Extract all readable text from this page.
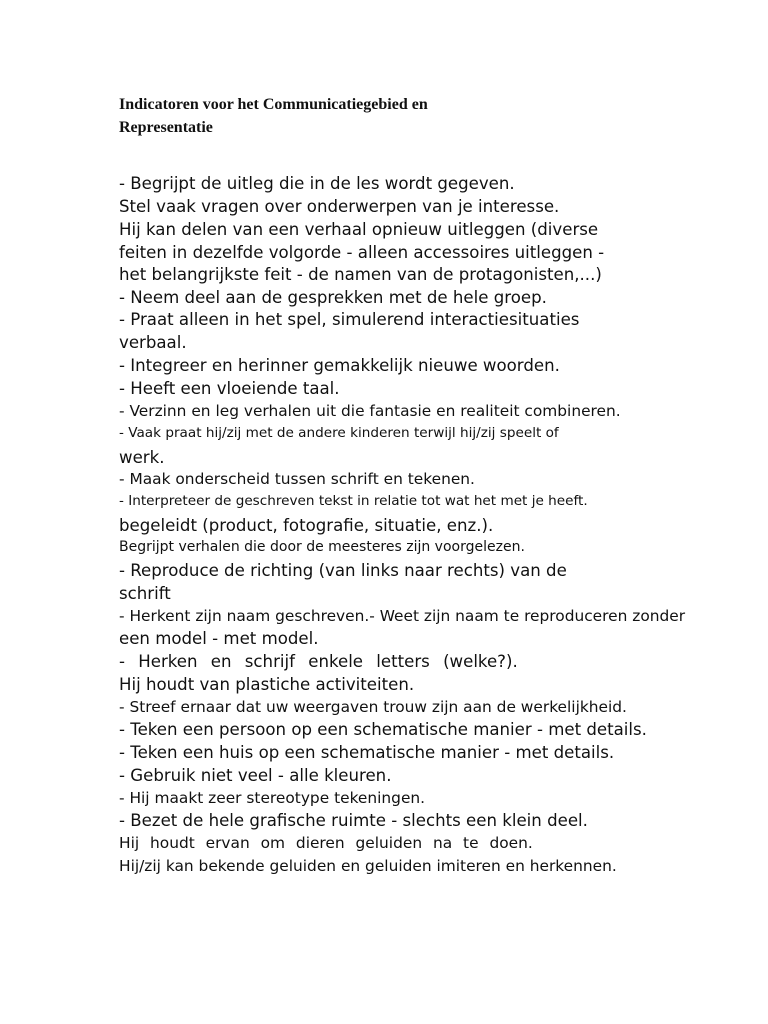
Indicatoren voor het Communicatiegebied en
Representatie

- Begrijpt de uitleg die in de les wordt gegeven.

Stel vaak vragen over onderwerpen van je interesse.

Hij kan delen van een verhaal opnieuw uitleggen (diverse

feiten in dezelfde volgorde - alleen accessoires uitleggen -

het belangrijkste feit - de namen van de protagonisten,...)

- Neem deel aan de gesprekken met de hele groep.

- Praat alleen in het spel, simulerend interactiesituaties

verbaal.

- Integreer en herinner gemakkelijk nieuwe woorden.

- Heeft een vloeiende taal.

- Verzinn en leg verhalen uit die fantasie en realiteit combineren.

- Vaak praat hij/zij met de andere kinderen terwijl hij/zij speelt of

werk.

- Maak onderscheid tussen schrift en tekenen.

- Interpreteer de geschreven tekst in relatie tot wat het met je heeft.

begeleidt (product, fotografie, situatie, enz.).

Begrijpt verhalen die door de meesteres zijn voorgelezen.

- Reproduce de richting (van links naar rechts) van de

schrift

- Herkent zijn naam geschreven.- Weet zijn naam te reproduceren zonder

een model - met model.

- Herken en schrijf enkele letters (welke?).

Hij houdt van plastiche activiteiten.

- Streef ernaar dat uw weergaven trouw zijn aan de werkelijkheid.

- Teken een persoon op een schematische manier - met details.

- Teken een huis op een schematische manier - met details.

- Gebruik niet veel - alle kleuren.

- Hij maakt zeer stereotype tekeningen.

- Bezet de hele grafische ruimte - slechts een klein deel.

Hij houdt ervan om dieren geluiden na te doen.

Hij/zij kan bekende geluiden en geluiden imiteren en herkennen.
